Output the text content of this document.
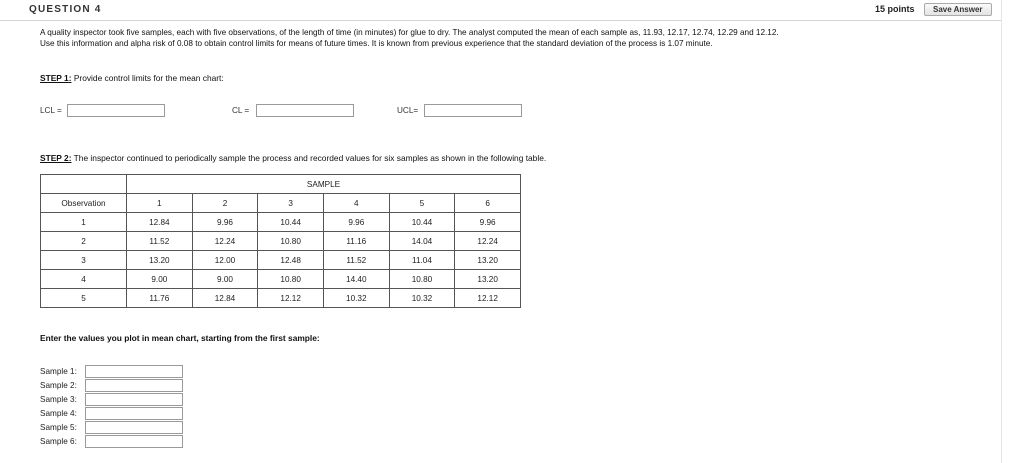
QUESTION 4	15 points	Save Answer
A quality inspector took five samples, each with five observations, of the length of time (in minutes) for glue to dry. The analyst computed the mean of each sample as, 11.93, 12.17, 12.74, 12.29 and 12.12. Use this information and alpha risk of 0.08 to obtain control limits for means of future times. It is known from previous experience that the standard deviation of the process is 1.07 minute.
STEP 1: Provide control limits for the mean chart:
LCL =	CL =	UCL=
STEP 2: The inspector continued to periodically sample the process and recorded values for six samples as shown in the following table.
	SAMPLE					
Observation	1	2	3	4	5	6
1	12.84	9.96	10.44	9.96	10.44	9.96
2	11.52	12.24	10.80	11.16	14.04	12.24
3	13.20	12.00	12.48	11.52	11.04	13.20
4	9.00	9.00	10.80	14.40	10.80	13.20
5	11.76	12.84	12.12	10.32	10.32	12.12
Enter the values you plot in mean chart, starting from the first sample:
Sample 1:
Sample 2:
Sample 3:
Sample 4:
Sample 5:
Sample 6:
